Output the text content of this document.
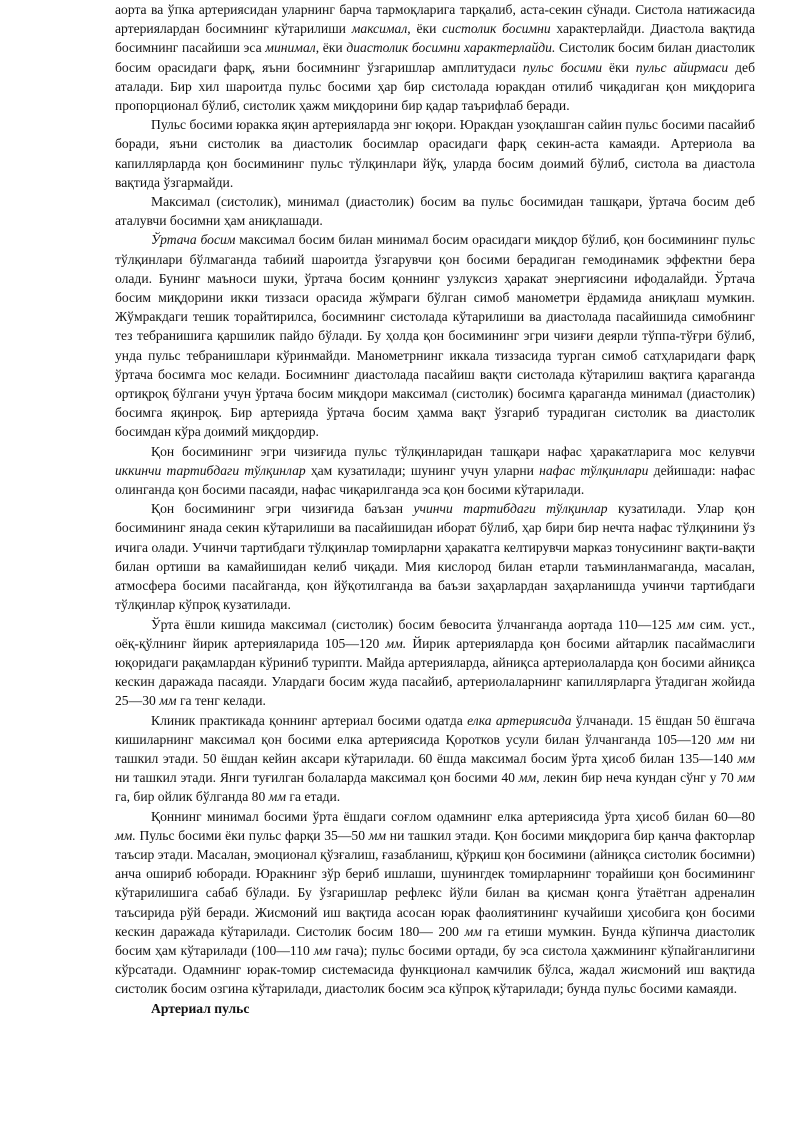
аорта ва ўпка артериясидан уларнинг барча тармоқларига тарқалиб, аста-секин сўнади. Систола натижасида артериялардан босимнинг кўтарилиши максимал, ёки систолик босимни характерлайди. Диастола вақтида босимнинг пасайиши эса минимал, ёки диастолик босимни характерлайди. Систолик босим билан диастолик босим орасидаги фарқ, яъни босимнинг ўзгаришлар амплитудаси пульс босими ёки пульс айирмаси деб аталади. Бир хил шароитда пульс босими ҳар бир систолада юракдан отилиб чиқадиган қон миқдорига пропорционал бўлиб, систолик ҳажм миқдорини бир қадар таърифлаб беради.

Пульс босими юракка яқин артерияларда энг юқори. Юракдан узоқлашган сайин пульс босими пасайиб боради, яъни систолик ва диастолик босимлар орасидаги фарқ секин-аста камаяди. Артериола ва капиллярларда қон босимининг пульс тўлқинлари йўқ, уларда босим доимий бўлиб, систола ва диастола вақтида ўзгармайди.

Максимал (систолик), минимал (диастолик) босим ва пульс босимидан ташқари, ўртача босим деб аталувчи босимни ҳам аниқлашади.

Ўртача босим максимал босим билан минимал босим орасидаги миқдор бўлиб, қон босимининг пульс тўлқинлари бўлмаганда табиий шароитда ўзгарувчи қон босими берадиган гемодинамик эффектни бера олади. Бунинг маъноси шуки, ўртача босим қоннинг узлуксиз ҳаракат энергиясини ифодалайди. Ўртача босим миқдорини икки тиззаси орасида жўмраги бўлган симоб манометри ёрдамида аниқлаш мумкин. Жўмракдаги тешик торайтирилса, босимнинг систолада кўтарилиши ва диастолада пасайишида симобнинг тез тебранишига қаршилик пайдо бўлади. Бу ҳолда қон босимининг эгри чизиғи деярли тўппа-тўғри бўлиб, унда пульс тебранишлари кўринмайди. Манометрнинг иккала тиззасида турган симоб сатҳларидаги фарқ ўртача босимга мос келади. Босимнинг диастолада пасайиш вақти систолада кўтарилиш вақтига қараганда ортиқроқ бўлгани учун ўртача босим миқдори максимал (систолик) босимга қараганда минимал (диастолик) босимга яқинроқ. Бир артерияда ўртача босим ҳамма вақт ўзгариб турадиган систолик ва диастолик босимдан кўра доимий миқдордир.

Қон босимининг эгри чизиғида пульс тўлқинларидан ташқари нафас ҳаракатларига мос келувчи иккинчи тартибдаги тўлқинлар ҳам кузатилади; шунинг учун уларни нафас тўлқинлари дейишади: нафас олинганда қон босими пасаяди, нафас чиқарилганда эса қон босими кўтарилади.

Қон босимининг эгри чизиғида баъзан учинчи тартибдаги тўлқинлар кузатилади. Улар қон босимининг янада секин кўтарилиши ва пасайишидан иборат бўлиб, ҳар бири бир нечта нафас тўлқинини ўз ичига олади. Учинчи тартибдаги тўлқинлар томирларни ҳаракатга келтирувчи марказ тонусининг вақти-вақти билан ортиши ва камайишидан келиб чиқади. Мия кислород билан етарли таъминланмаганда, масалан, атмосфера босими пасайганда, қон йўқотилганда ва баъзи заҳарлардан заҳарланишда учинчи тартибдаги тўлқинлар кўпроқ кузатилади.

Ўрта ёшли кишида максимал (систолик) босим бевосита ўлчанганда аортада 110—125 мм сим. уст., оёқ-қўлнинг йирик артерияларида 105—120 мм. Йирик артерияларда қон босими айтарлик пасаймаслиги юқоридаги рақамлардан кўриниб турипти. Майда артерияларда, айниқса артериолаларда қон босими айниқса кескин даражада пасаяди. Улардаги босим жуда пасайиб, артериолаларнинг капиллярларга ўтадиган жойида 25—30 мм га тенг келади.

Клиник практикада қоннинг артериал босими одатда елка артериясида ўлчанади. 15 ёшдан 50 ёшгача кишиларнинг максимал қон босими елка артериясида Қоротков усули билан ўлчанганда 105—120 мм ни ташкил этади. 50 ёшдан кейин аксари кўтарилади. 60 ёшда максимал босим ўрта ҳисоб билан 135—140 мм ни ташкил этади. Янги туғилган болаларда максимал қон босими 40 мм, лекин бир неча кундан сўнг у 70 мм га, бир ойлик бўлганда 80 мм га етади.

Қоннинг минимал босими ўрта ёшдаги соғлом одамнинг елка артериясида ўрта ҳисоб билан 60—80 мм. Пульс босими ёки пульс фарқи 35—50 мм ни ташкил этади. Қон босими миқдорига бир қанча факторлар таъсир этади. Масалан, эмоционал қўзғалиш, ғазабланиш, қўрқиш қон босимини (айниқса систолик босимни) анча ошириб юборади. Юракнинг зўр бериб ишлаши, шунингдек томирларнинг торайиши қон босимининг кўтарилишига сабаб бўлади. Бу ўзгаришлар рефлекс йўли билан ва қисман қонга ўтаётган адреналин таъсирида рўй беради. Жисмоний иш вақтида асосан юрак фаолиятининг кучайиши ҳисобига қон босими кескин даражада кўтарилади. Систолик босим 180— 200 мм га етиши мумкин. Бунда кўпинча диастолик босим ҳам кўтарилади (100—110 мм гача); пульс босими ортади, бу эса систола ҳажмининг кўпайганлигини кўрсатади. Одамнинг юрак-томир системасида функционал камчилик бўлса, жадал жисмоний иш вақтида систолик босим озгина кўтарилади, диастолик босим эса кўпроқ кўтарилади; бунда пульс босими камаяди.

Артериал пульс
